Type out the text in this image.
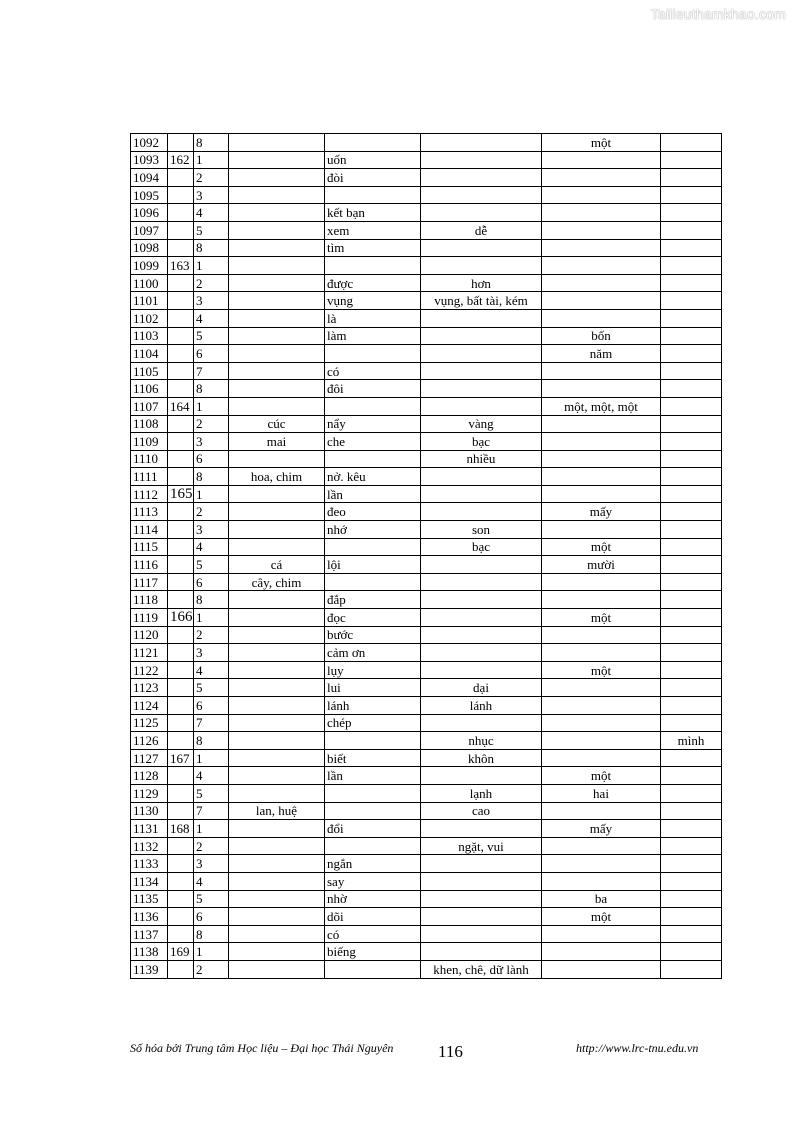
Tailieuthamkhao.com
1092		8				một	
1093	162	1		uốn			
1094		2		đòi			
1095		3					
1096		4		kết bạn			
1097		5		xem	dễ		
1098		8		tìm			
1099	163	1					
1100		2		được	hơn		
1101		3		vụng	vụng, bất tài, kém		
1102		4		là			
1103		5		làm		bốn	
1104		6				năm	
1105		7		có			
1106		8		đôi			
1107	164	1				một, một, một	
1108		2	cúc	nẩy	vàng		
1109		3	mai	che	bạc		
1110		6			nhiều		
1111		8	hoa, chim	nở. kêu			
1112	165	1		lần			
1113		2		đeo		mấy	
1114		3		nhớ	son		
1115		4			bạc	một	
1116		5	cá	lội		mười	
1117		6	cây, chim				
1118		8		đắp			
1119	166	1		đọc		một	
1120		2		bước			
1121		3		cảm ơn			
1122		4		lụy		một	
1123		5		lui	dại		
1124		6		lánh	lánh		
1125		7		chép			
1126		8			nhục		mình
1127	167	1		biết	khôn		
1128		4		lần		một	
1129		5			lạnh	hai	
1130		7	lan, huệ		cao		
1131	168	1		đổi		mấy	
1132		2			ngặt, vui		
1133		3		ngắn			
1134		4		say			
1135		5		nhờ		ba	
1136		6		dõi		một	
1137		8		có			
1138	169	1		biếng			
1139		2			khen, chê, dữ lành		
Số hóa bởi Trung tâm Học liệu – Đại học Thái Nguyên	116	http://www.lrc-tnu.edu.vn
